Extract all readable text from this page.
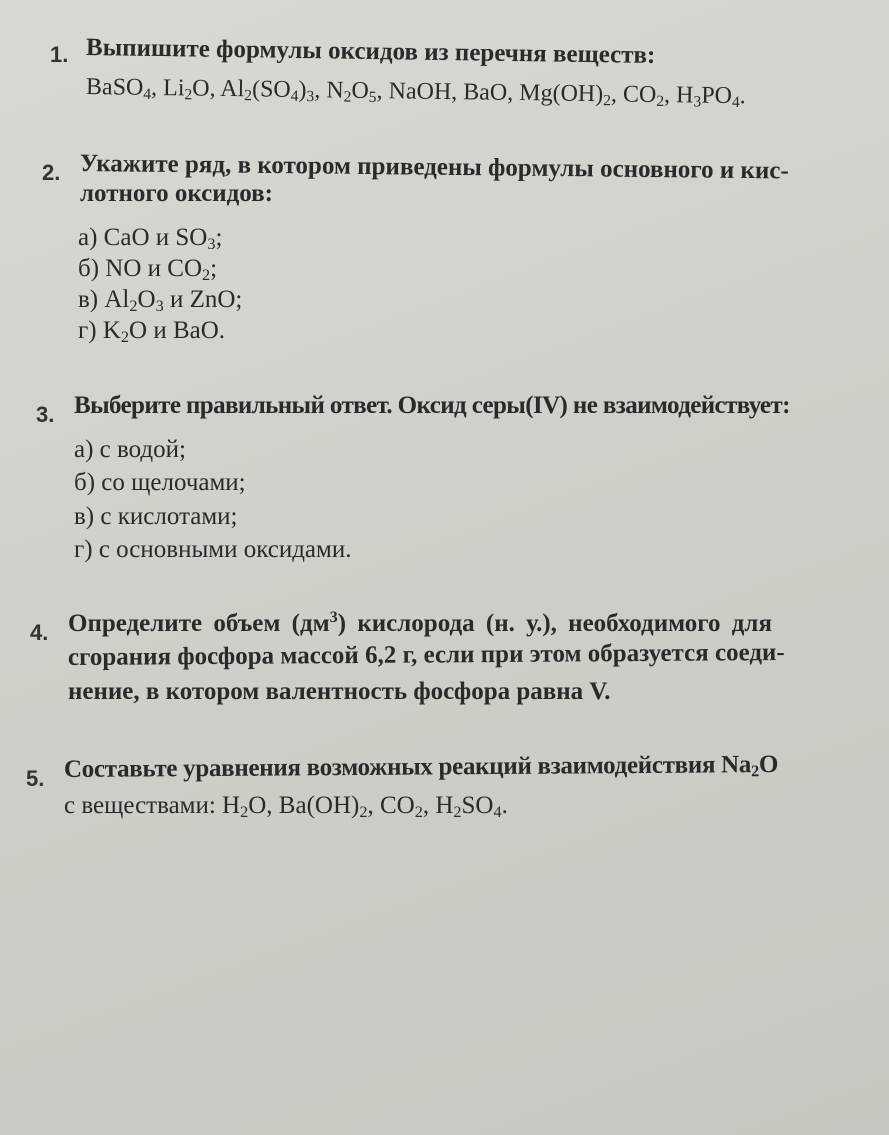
1. Выпишите формулы оксидов из перечня веществ:
BaSO$_4$, $Li_2O$, $Al_2(SO_4)_3$, $N_2O_5$, NaOH, BaO, $Mg(OH)_2$, $CO_2$, $H_3PO_4$.
2. Укажите ряд, в котором приведены формулы основного и кис-
лотного оксидов:
а) CaO и $SO_3$;
б) NO и $CO_2$;
в) $Al_2O_3$ и ZnO;
г) $K_2O$ и BaO.
3. Выберите правильный ответ. Оксид серы(IV) не взаимодействует:
а) с водой;
б) со щелочами;
в) с кислотами;
г) с основными оксидами.
4. Определите объем $(дм^3)$ кислорода (н. у.), необходимого для
сгорания фосфора массой 6,2 г, если при этом образуется соеди-
нение, в котором валентность фосфора равна V.
5. Составьте уравнения возможных реакций взаимодействия $Na_2O$
с веществами: $H_2O$, $Ba(OH)_2$, $CO_2$, $H_2SO_4$.
